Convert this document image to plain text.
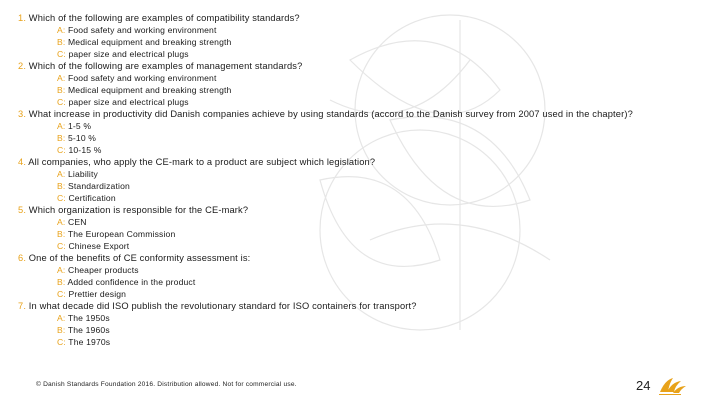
1. Which of the following are examples of compatibility standards?
A: Food safety and working environment
B: Medical equipment and breaking strength
C: paper size and electrical plugs
2. Which of the following are examples of management standards?
A: Food safety and working environment
B: Medical equipment and breaking strength
C: paper size and electrical plugs
3. What increase in productivity did Danish companies achieve by using standards (accord to the Danish survey from 2007 used in the chapter)?
A: 1-5 %
B: 5-10 %
C: 10-15 %
4. All companies, who apply the CE-mark to a product are subject which legislation?
A: Liability
B: Standardization
C: Certification
5. Which organization is responsible for the CE-mark?
A: CEN
B: The European Commission
C: Chinese Export
6. One of the benefits of CE conformity assessment is:
A: Cheaper products
B: Added confidence in the product
C: Prettier design
7. In what decade did ISO publish the revolutionary standard for ISO containers for transport?
A: The 1950s
B: The 1960s
C: The 1970s
© Danish Standards Foundation 2016. Distribution allowed. Not for commercial use.	24
